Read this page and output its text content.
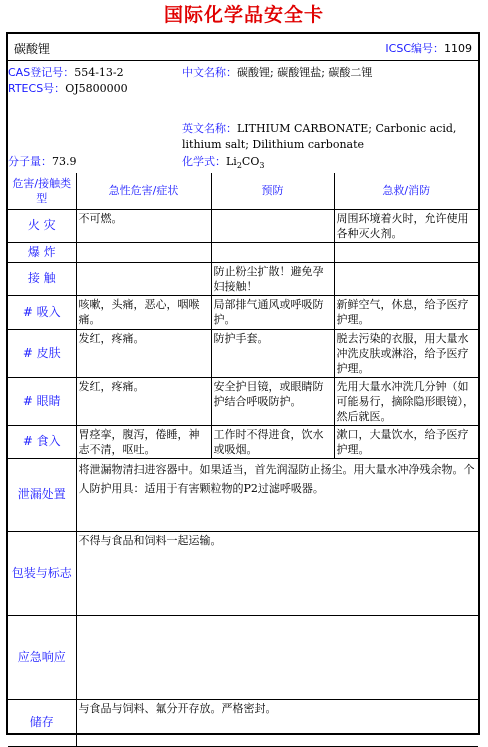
国际化学品安全卡
碳酸锂	ICSC编号：1109
CAS登记号：554-13-2
RTECS号：OJ5800000
中文名称：碳酸锂; 碳酸锂盐; 碳酸二锂
英文名称：LITHIUM CARBONATE; Carbonic acid, lithium salt; Dilithium carbonate
分子量：73.9	化学式：$Li_2CO_3$
危害/接触类型	急性危害/症状	预防	急救/消防
火 灾	不可燃。		周围环境着火时，允许使用各种灭火剂。
爆 炸			
接 触		防止粉尘扩散！避免孕妇接触！	
# 吸入	咳嗽，头痛，恶心，咽喉痛。	局部排气通风或呼吸防护。	新鲜空气，休息，给予医疗护理。
# 皮肤	发红，疼痛。	防护手套。	脱去污染的衣服，用大量水冲洗皮肤或淋浴，给予医疗护理。
# 眼睛	发红，疼痛。	安全护目镜，或眼睛防护结合呼吸防护。	先用大量水冲洗几分钟（如可能易行，摘除隐形眼镜），然后就医。
# 食入	胃痉挛，腹泻，倦睡，神志不清，呕吐。	工作时不得进食，饮水或吸烟。	漱口，大量饮水，给予医疗护理。
泄漏处置	将泄漏物清扫进容器中。如果适当，首先润湿防止扬尘。用大量水冲净残余物。个人防护用具：适用于有害颗粒物的P2过滤呼吸器。		
包装与标志	不得与食品和饲料一起运输。		
应急响应			
储存	与食品与饲料、氟分开存放。严格密封。		
